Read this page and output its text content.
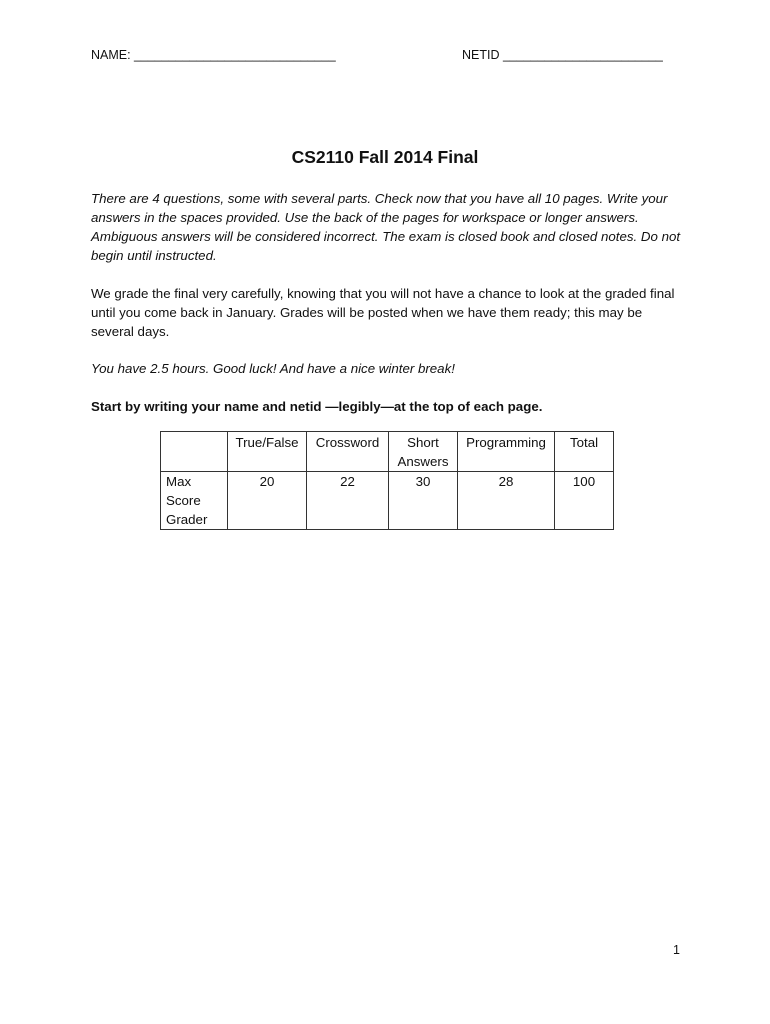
NAME: _____________________________	NETID _______________________
CS2110 Fall 2014 Final

There are 4 questions, some with several parts. Check now that you have all 10 pages. Write your answers in the spaces provided. Use the back of the pages for workspace or longer answers. Ambiguous answers will be considered incorrect. The exam is closed book and closed notes. Do not begin until instructed.

We grade the final very carefully, knowing that you will not have a chance to look at the graded final until you come back in January. Grades will be posted when we have them ready; this may be several days.

You have 2.5 hours. Good luck! And have a nice winter break!

Start by writing your name and netid —legibly—at the top of each page.

	True/False	Crossword	Short Answers	Programming	Total
Max	20	22	30	28	100
Score					
Grader					
1
